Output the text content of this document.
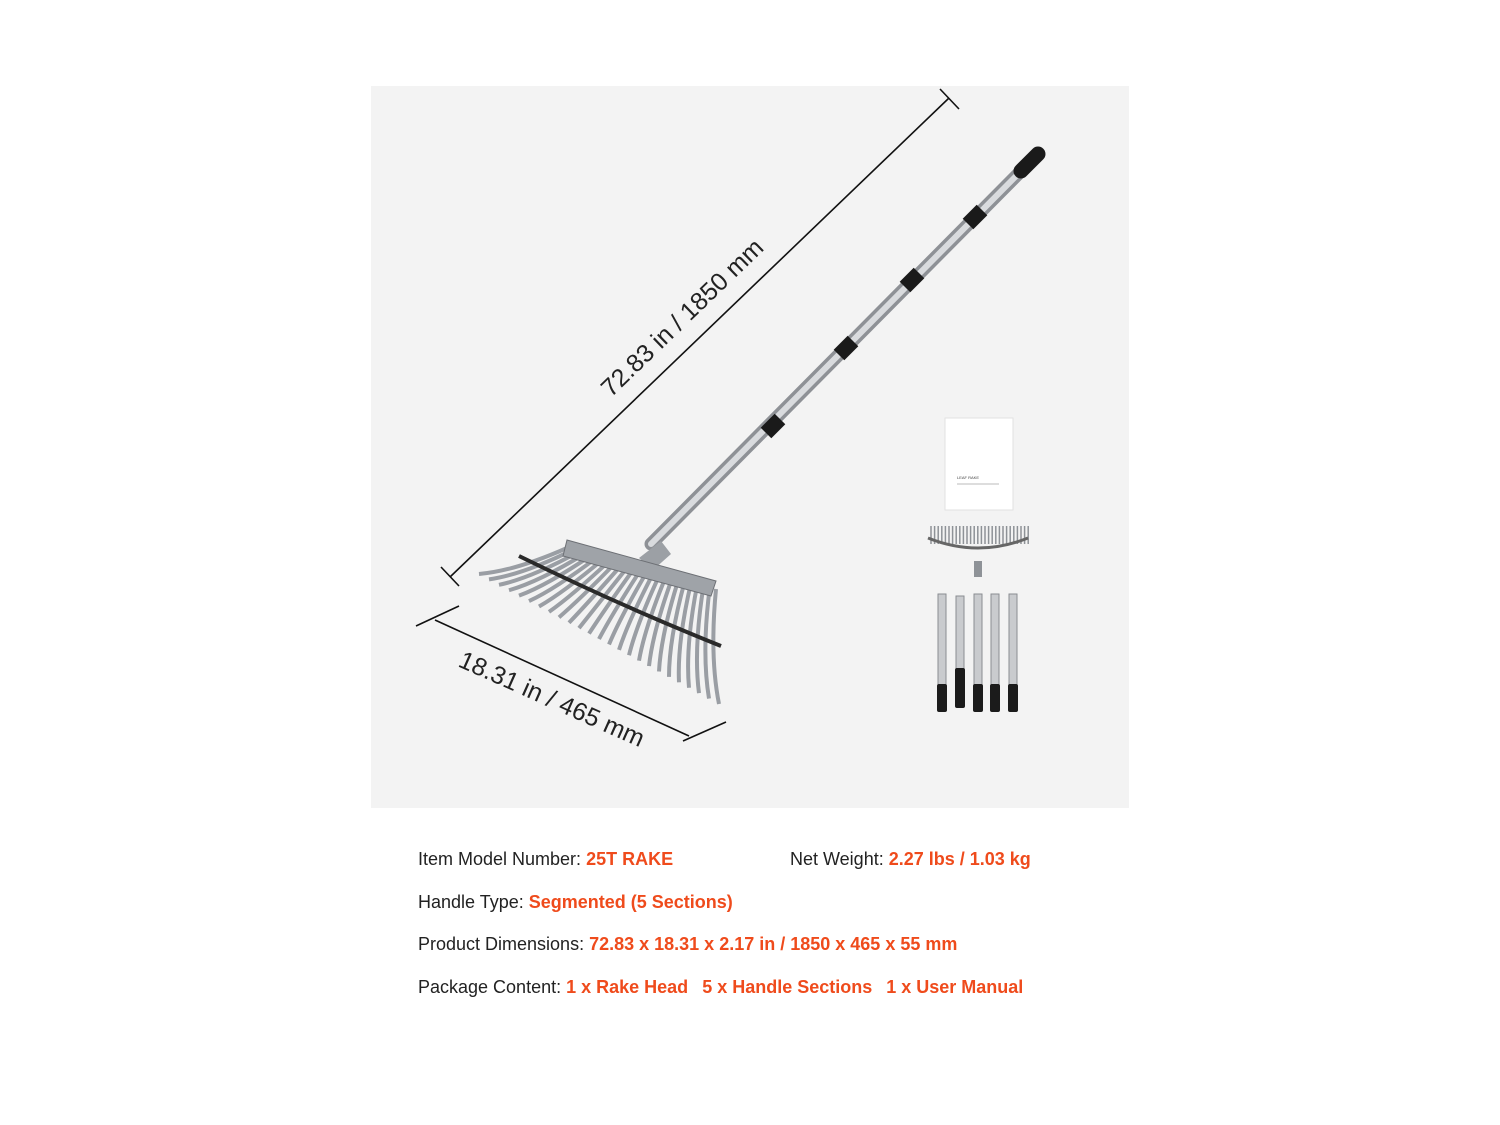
72.83 in / 1850 mm
18.31 in / 465 mm
LEAF RAKE
Item Model Number: 25T RAKE	Net Weight: 2.27 lbs / 1.03 kg
Handle Type: Segmented (5 Sections)
Product Dimensions: 72.83 x 18.31 x 2.17 in / 1850 x 465 x 55 mm
Package Content: 1 x Rake Head 5 x Handle Sections 1 x User Manual
